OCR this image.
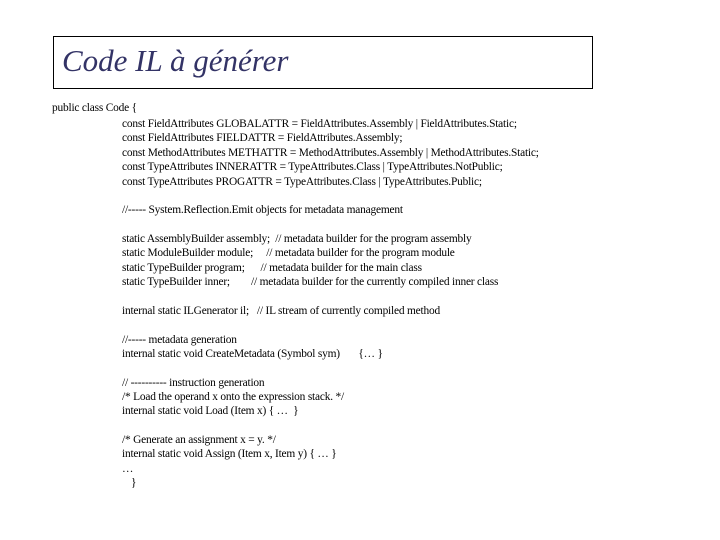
Code IL à générer
public class Code {
const FieldAttributes GLOBALATTR = FieldAttributes.Assembly | FieldAttributes.Static;
const FieldAttributes FIELDATTR = FieldAttributes.Assembly;
const MethodAttributes METHATTR = MethodAttributes.Assembly | MethodAttributes.Static;
const TypeAttributes INNERATTR = TypeAttributes.Class | TypeAttributes.NotPublic;
const TypeAttributes PROGATTR = TypeAttributes.Class | TypeAttributes.Public;
//----- System.Reflection.Emit objects for metadata management
static AssemblyBuilder assembly;  // metadata builder for the program assembly
static ModuleBuilder module;     // metadata builder for the program module
static TypeBuilder program;      // metadata builder for the main class
static TypeBuilder inner;        // metadata builder for the currently compiled inner class
internal static ILGenerator il;   // IL stream of currently compiled method
//----- metadata generation
internal static void CreateMetadata (Symbol sym)       {… }
// ---------- instruction generation
/* Load the operand x onto the expression stack. */
internal static void Load (Item x) { …  }
/* Generate an assignment x = y. */
internal static void Assign (Item x, Item y) { … }
…
}
